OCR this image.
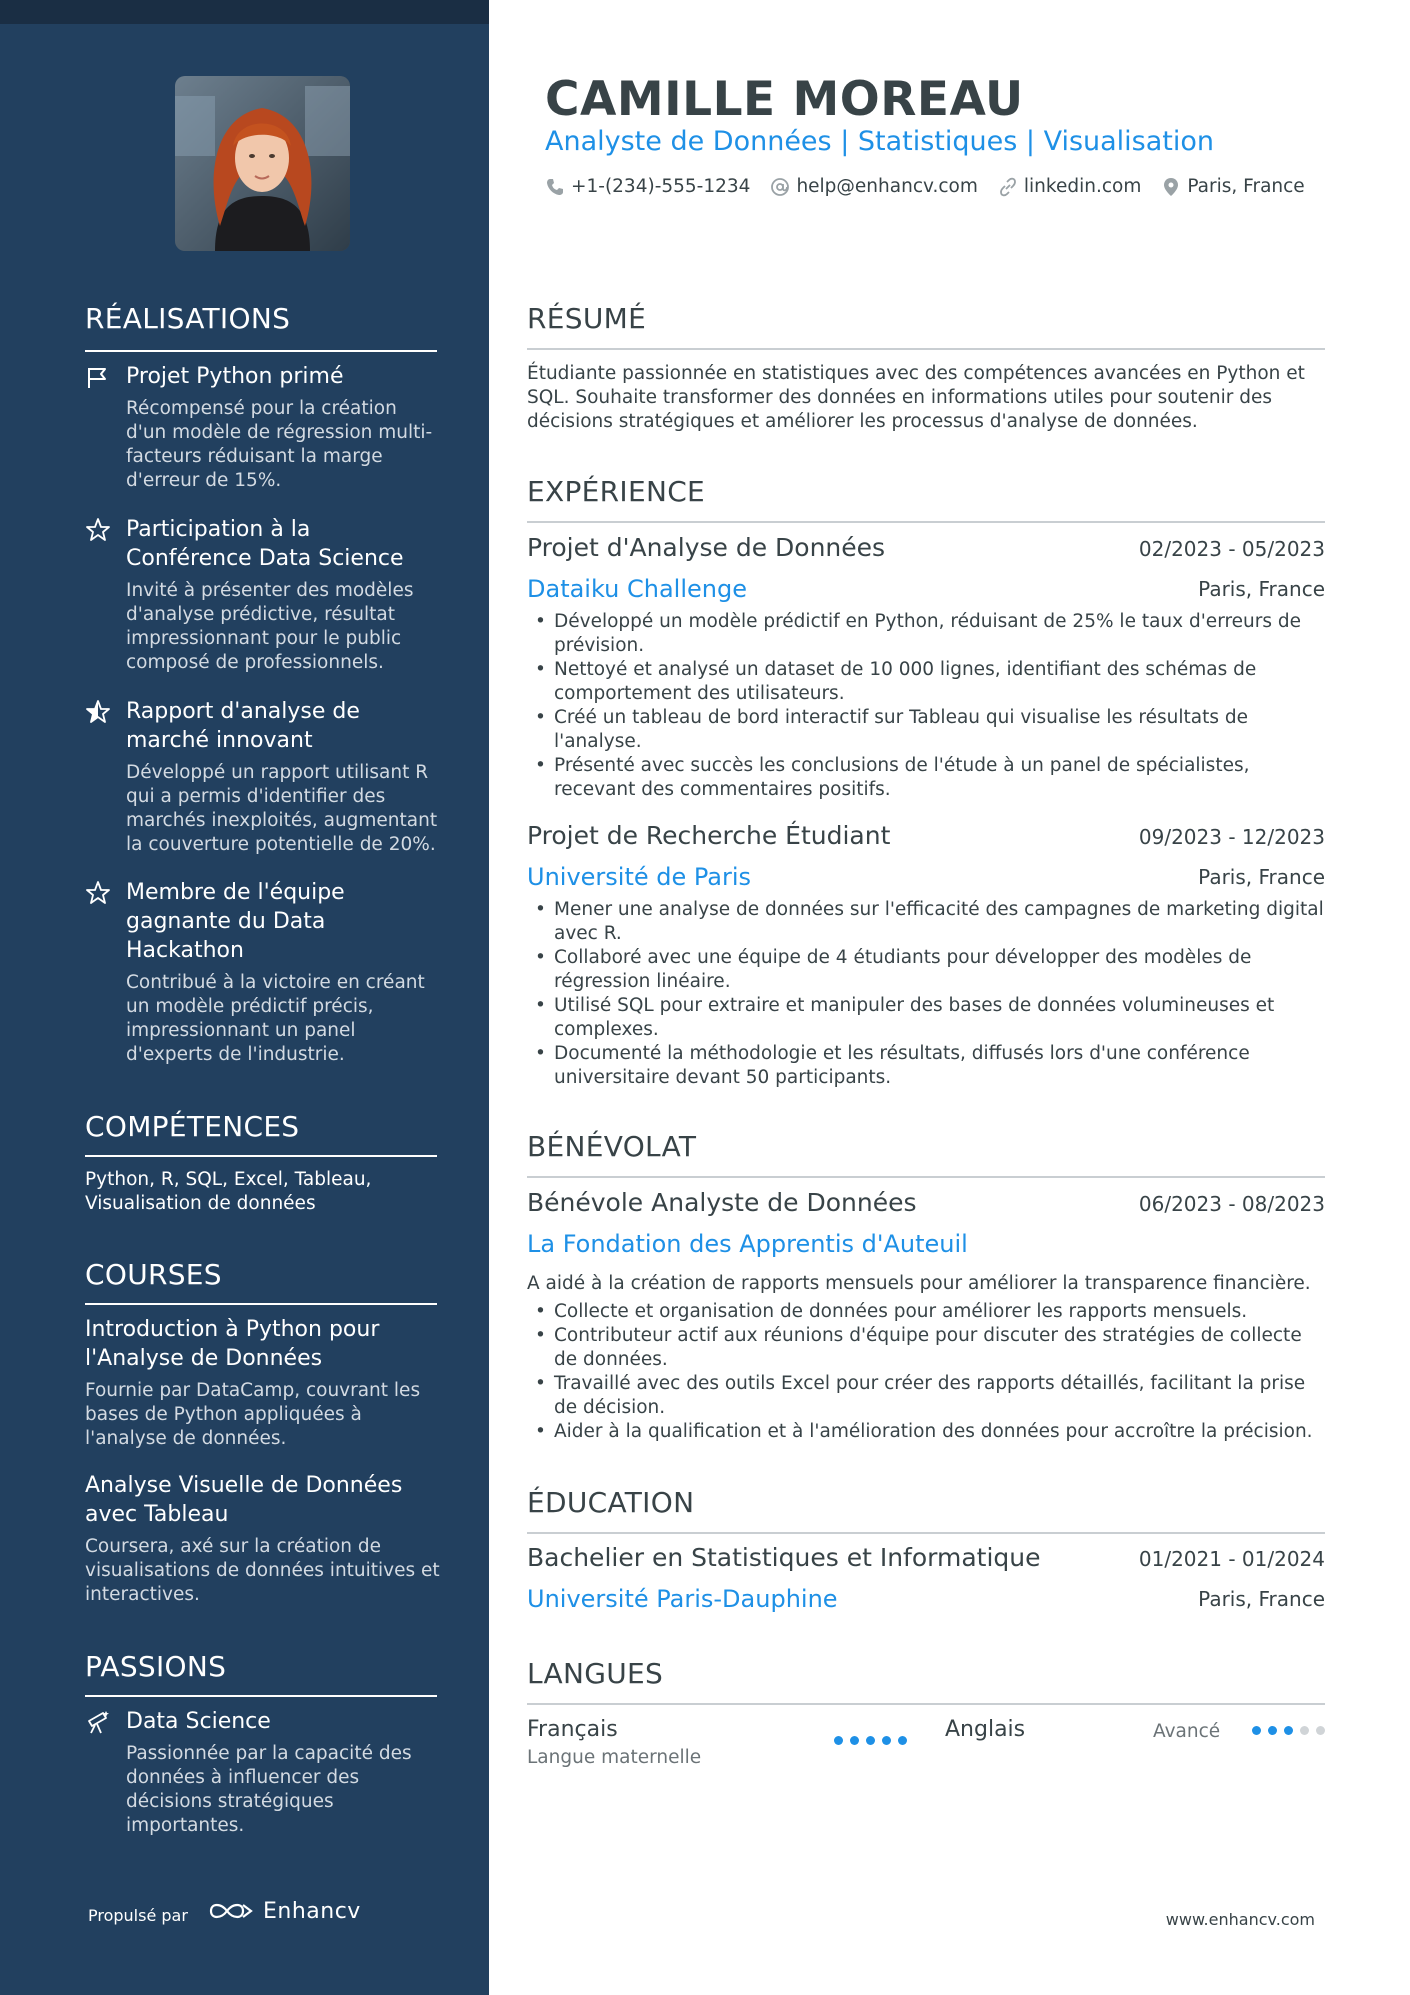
RÉALISATIONS
Projet Python primé
Récompensé pour la création d'un modèle de régression multi-facteurs réduisant la marge d'erreur de 15%.
Participation à la Conférence Data Science
Invité à présenter des modèles d'analyse prédictive, résultat impressionnant pour le public composé de professionnels.
Rapport d'analyse de marché innovant
Développé un rapport utilisant R qui a permis d'identifier des marchés inexploités, augmentant la couverture potentielle de 20%.
Membre de l'équipe gagnante du Data Hackathon
Contribué à la victoire en créant un modèle prédictif précis, impressionnant un panel d'experts de l'industrie.
COMPÉTENCES
Python, R, SQL, Excel, Tableau, Visualisation de données
COURSES
Introduction à Python pour l'Analyse de Données
Fournie par DataCamp, couvrant les bases de Python appliquées à l'analyse de données.
Analyse Visuelle de Données avec Tableau
Coursera, axé sur la création de visualisations de données intuitives et interactives.
PASSIONS
Data Science
Passionnée par la capacité des données à influencer des décisions stratégiques importantes.
Propulsé par	Enhancv
CAMILLE MOREAU
Analyste de Données | Statistiques | Visualisation
+1-(234)-555-1234 help@enhancv.com linkedin.com Paris, France
RÉSUMÉ
Étudiante passionnée en statistiques avec des compétences avancées en Python et SQL. Souhaite transformer des données en informations utiles pour soutenir des décisions stratégiques et améliorer les processus d'analyse de données.
EXPÉRIENCE
Projet d'Analyse de Données	02/2023 - 05/2023
Dataiku Challenge	Paris, France
• Développé un modèle prédictif en Python, réduisant de 25% le taux d'erreurs de prévision.
• Nettoyé et analysé un dataset de 10 000 lignes, identifiant des schémas de comportement des utilisateurs.
• Créé un tableau de bord interactif sur Tableau qui visualise les résultats de l'analyse.
• Présenté avec succès les conclusions de l'étude à un panel de spécialistes, recevant des commentaires positifs.
Projet de Recherche Étudiant	09/2023 - 12/2023
Université de Paris	Paris, France
• Mener une analyse de données sur l'efficacité des campagnes de marketing digital avec R.
• Collaboré avec une équipe de 4 étudiants pour développer des modèles de régression linéaire.
• Utilisé SQL pour extraire et manipuler des bases de données volumineuses et complexes.
• Documenté la méthodologie et les résultats, diffusés lors d'une conférence universitaire devant 50 participants.
BÉNÉVOLAT
Bénévole Analyste de Données	06/2023 - 08/2023
La Fondation des Apprentis d'Auteuil
A aidé à la création de rapports mensuels pour améliorer la transparence financière.
• Collecte et organisation de données pour améliorer les rapports mensuels.
• Contributeur actif aux réunions d'équipe pour discuter des stratégies de collecte de données.
• Travaillé avec des outils Excel pour créer des rapports détaillés, facilitant la prise de décision.
• Aider à la qualification et à l'amélioration des données pour accroître la précision.
ÉDUCATION
Bachelier en Statistiques et Informatique	01/2021 - 01/2024
Université Paris-Dauphine	Paris, France
LANGUES
Français
Langue maternelle
Anglais	Avancé
www.enhancv.com
